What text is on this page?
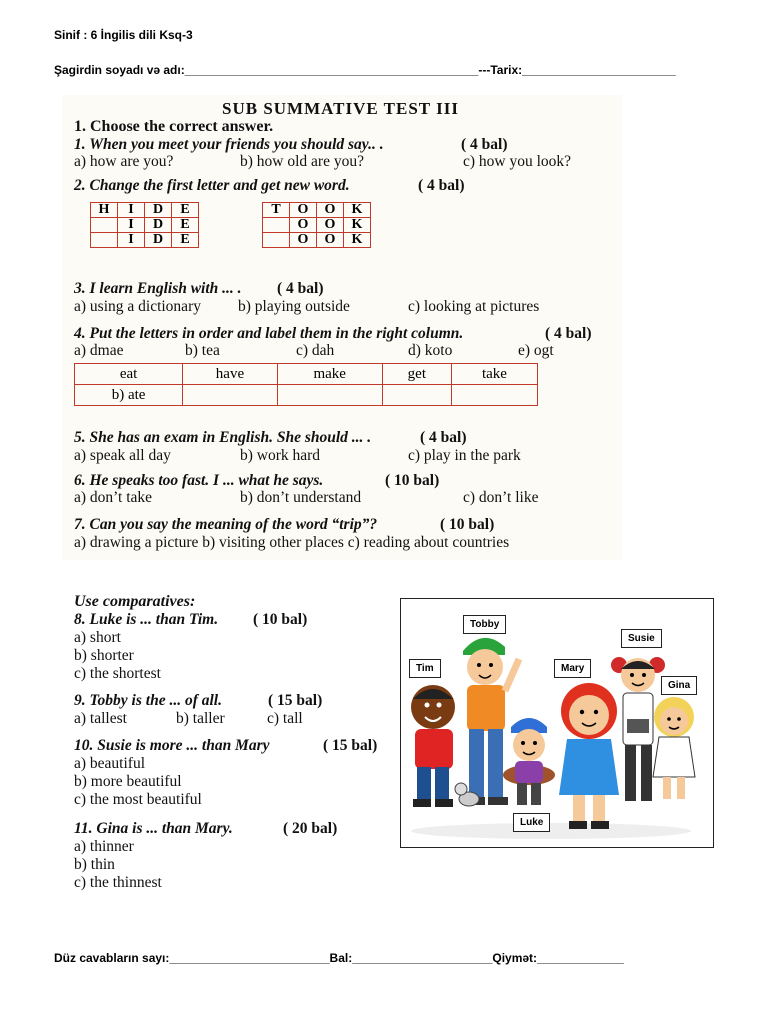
Sinif : 6 İngilis dili Ksq-3
Şagirdin soyadı və adı:____________________________________________---Tarix:_______________________
SUB SUMMATIVE TEST III
1. Choose the correct answer.
1. When you meet your friends you should say.. .	( 4 bal)
a) how are you?	b) how old are you?	c) how you look?
2. Change the first letter and get new word.	( 4 bal)
H	I	D	E
	I	D	E
	I	D	E
T	O	O	K
	O	O	K
	O	O	K
3. I learn English with ... . ( 4 bal)
a) using a dictionary b) playing outside	c) looking at pictures
4. Put the letters in order and label them in the right column.	( 4 bal)
a) dmae	b) tea	c) dah	d) koto	e) ogt
eat	have	make	get	take
b) ate				
5. She has an exam in English. She should ... .	( 4 bal)
a) speak all day	b) work hard	c) play in the park
6. He speaks too fast. I ... what he says.	( 10 bal)
a) don’t take	b) don’t understand	c) don’t like
7. Can you say the meaning of the word “trip”?	( 10 bal)
a) drawing a picture b) visiting other places c) reading about countries
Use comparatives:
8. Luke is ... than Tim. ( 10 bal)
a) short
b) shorter
c) the shortest
9. Tobby is the ... of all.	( 15 bal)
a) tallest	b) taller	c) tall
10. Susie is more ... than Mary	( 15 bal)
a) beautiful
b) more beautiful
c) the most beautiful
11. Gina is ... than Mary.	( 20 bal)
a) thinner
b) thin
c) the thinnest
Tobby
Susie
Tim	Mary
Gina
Luke
Düz cavabların sayı:________________________Bal:_____________________Qiymət:_____________
